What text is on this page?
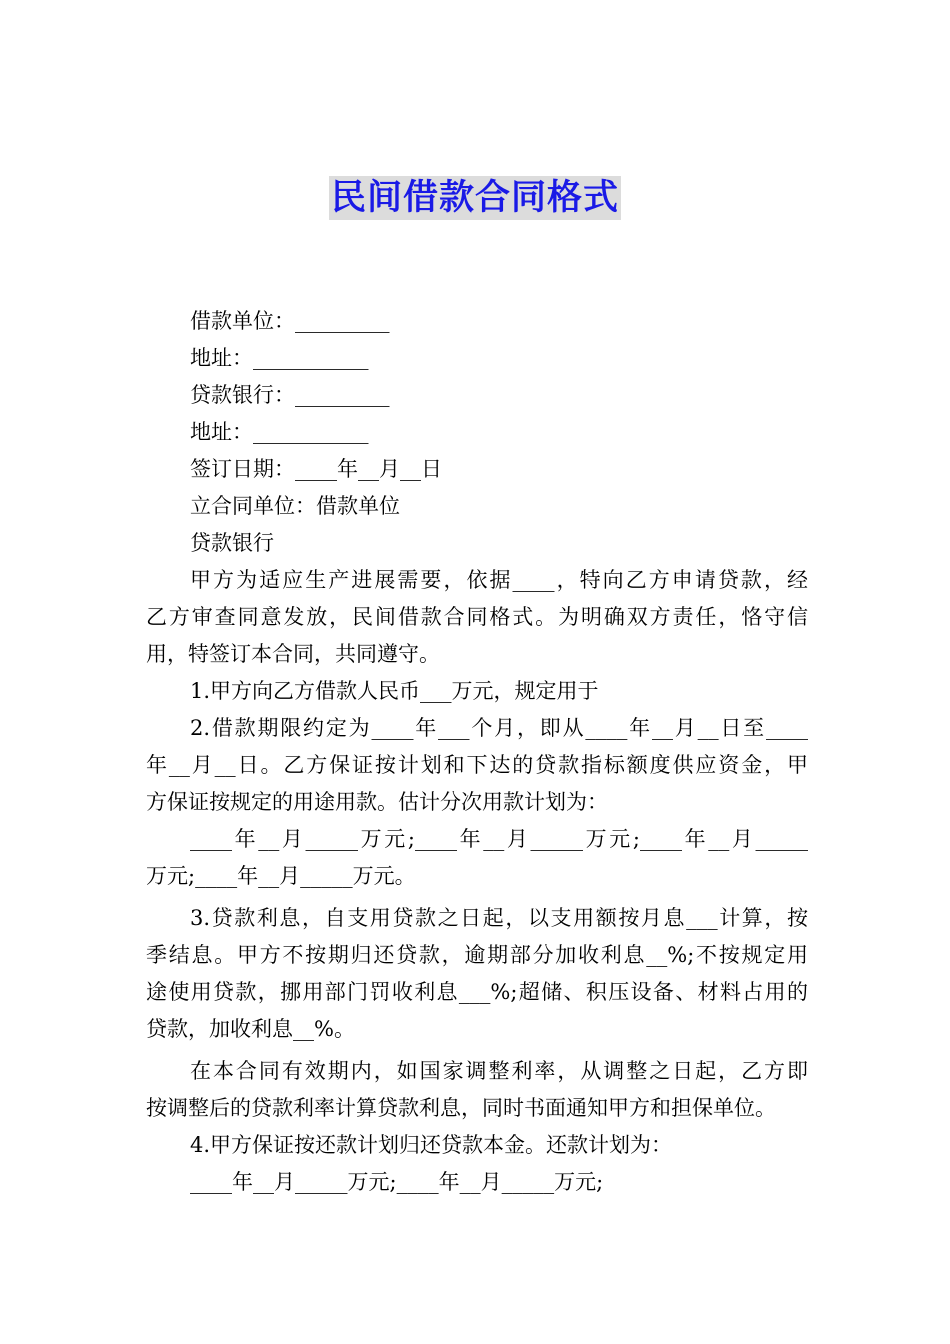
民间借款合同格式
借款单位：_________
地址：___________
贷款银行：_________
地址：___________
签订日期：____年__月__日
立合同单位：借款单位
贷款银行
甲方为适应生产进展需要，依据____，特向乙方申请贷款，经
乙方审查同意发放，民间借款合同格式。为明确双方责任，恪守信
用，特签订本合同，共同遵守。
1.甲方向乙方借款人民币___万元，规定用于
2.借款期限约定为____年___个月，即从____年__月__日至____
年__月__日。乙方保证按计划和下达的贷款指标额度供应资金，甲
方保证按规定的用途用款。估计分次用款计划为：
____年__月_____万元;____年__月_____万元;____年__月_____
万元;____年__月_____万元。
3.贷款利息，自支用贷款之日起，以支用额按月息___计算，按
季结息。甲方不按期归还贷款，逾期部分加收利息__%;不按规定用
途使用贷款，挪用部门罚收利息___%;超储、积压设备、材料占用的
贷款，加收利息__%。
在本合同有效期内，如国家调整利率，从调整之日起，乙方即
按调整后的贷款利率计算贷款利息，同时书面通知甲方和担保单位。
4.甲方保证按还款计划归还贷款本金。还款计划为：
____年__月_____万元;____年__月_____万元;
